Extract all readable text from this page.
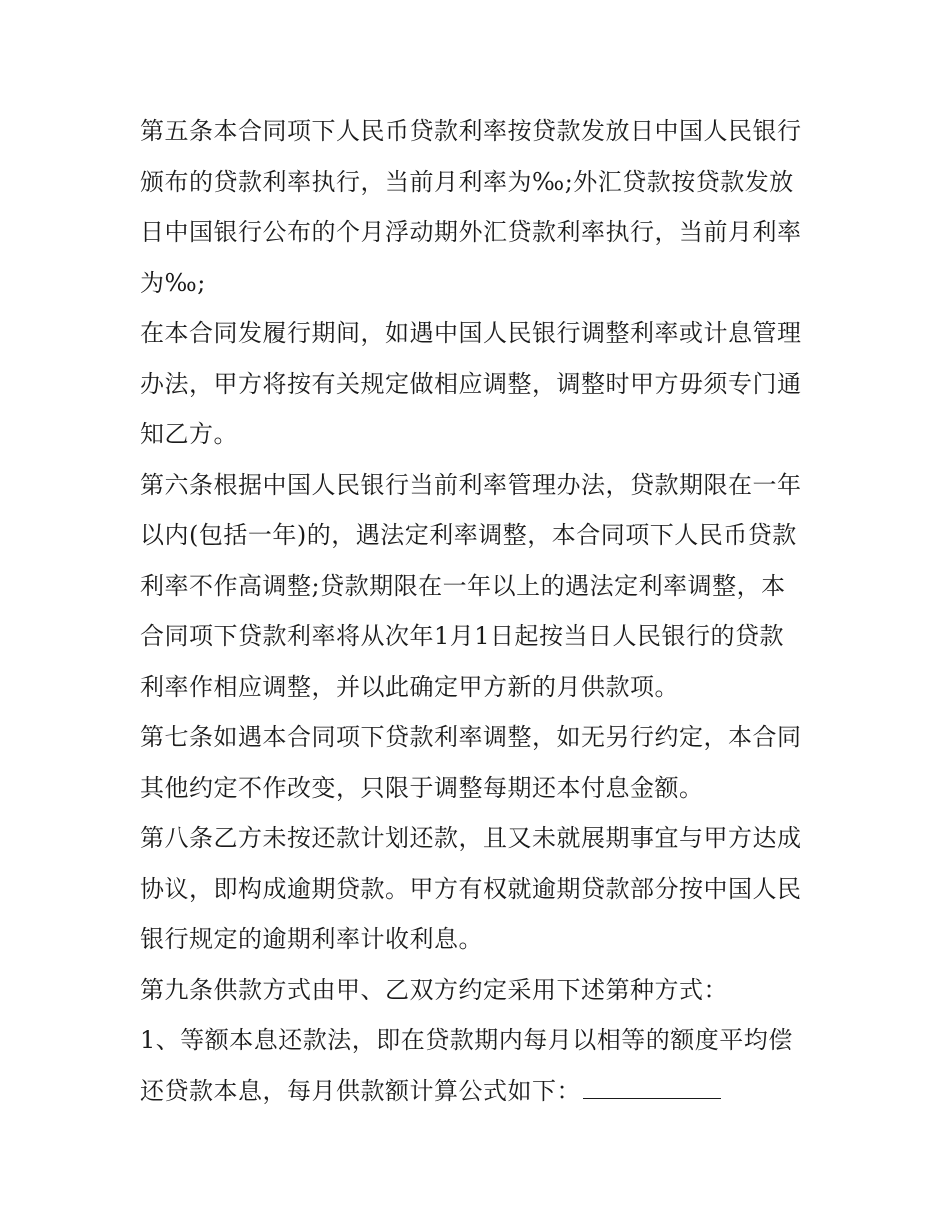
第五条本合同项下人民币贷款利率按贷款发放日中国人民银行
颁布的贷款利率执行，当前月利率为‰;外汇贷款按贷款发放
日中国银行公布的个月浮动期外汇贷款利率执行，当前月利率
为‰;

在本合同发履行期间，如遇中国人民银行调整利率或计息管理
办法，甲方将按有关规定做相应调整，调整时甲方毋须专门通
知乙方。

第六条根据中国人民银行当前利率管理办法，贷款期限在一年
以内(包括一年)的，遇法定利率调整，本合同项下人民币贷款
利率不作高调整;贷款期限在一年以上的遇法定利率调整，本
合同项下贷款利率将从次年1月1日起按当日人民银行的贷款
利率作相应调整，并以此确定甲方新的月供款项。

第七条如遇本合同项下贷款利率调整，如无另行约定，本合同
其他约定不作改变，只限于调整每期还本付息金额。

第八条乙方未按还款计划还款，且又未就展期事宜与甲方达成
协议，即构成逾期贷款。甲方有权就逾期贷款部分按中国人民
银行规定的逾期利率计收利息。

第九条供款方式由甲、乙双方约定采用下述第种方式：

1、等额本息还款法，即在贷款期内每月以相等的额度平均偿
还贷款本息，每月供款额计算公式如下：
